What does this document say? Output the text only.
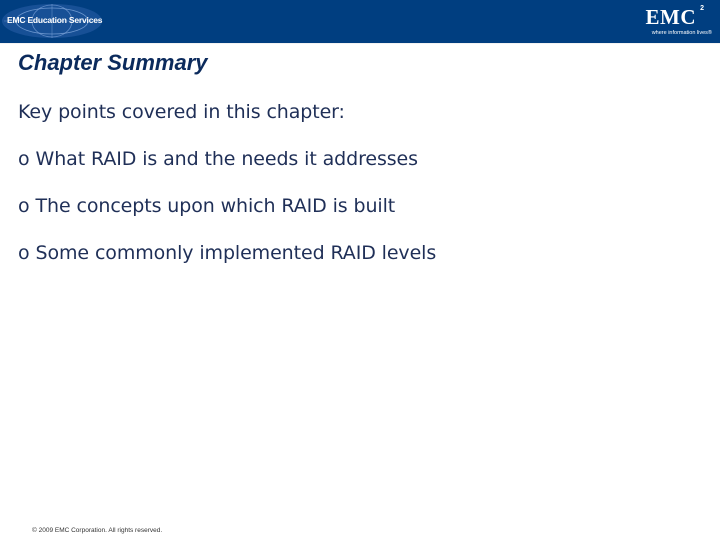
EMC Education Services	EMC 2
where information lives®
Chapter Summary
Key points covered in this chapter:
o What RAID is and the needs it addresses
o The concepts upon which RAID is built
o Some commonly implemented RAID levels
© 2009 EMC Corporation. All rights reserved.
